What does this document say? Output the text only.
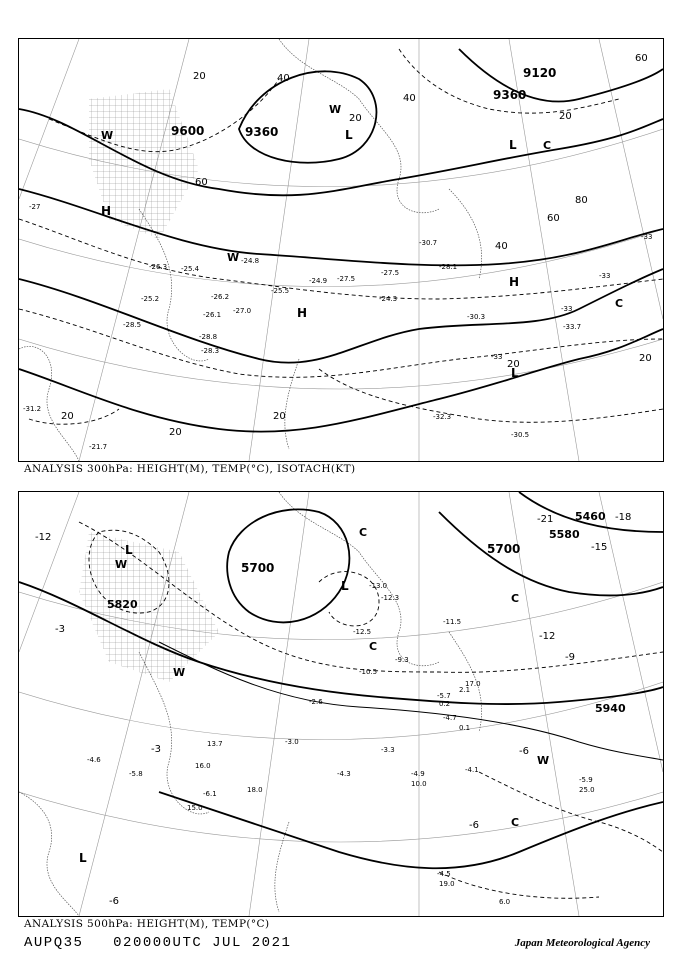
9600	9360
9360
9120
20	40
60
80
20
40
60
20
40
60
20
20
20
20
20
H
H
H
L
L
L
C
W
W
W
C
-27
-25.4
-26.3
-26.2
-24.8
-25.5
-27.0
-26.1
-24.9
-25.2
-27.5
-24.3
-28.3
-30.3
-30.7
-33
-33
-33
-33
-31.2
-32.3
-30.5
-21.7
-33.7
-28.8
-28.1
-27.5
-28.5
ANALYSIS 300hPa: HEIGHT(M), TEMP(°C), ISOTACH(KT)
5700
5700
5820
5460
5940
5580
-18
-15
-12
-9
-6
-3
-6
-6
-3
-12
-21
L
L
L
C
C
C
W
W
W
C
-13.0
-12.3
-11.5
-12.5
-10.5
-9.3
-5.7
-4.7
-4.3	-4.9
-5.9
-4.5
-5.8	-4.1
-3.3
-3.0
-2.6
-6.1
-4.6
17.0
18.0
19.0
25.0
15.0
10.0
6.0
2.1
0.2
0.1
13.7
16.0
ANALYSIS 500hPa: HEIGHT(M), TEMP(°C)
AUPQ35 020000UTC JUL 2021	Japan Meteorological Agency
